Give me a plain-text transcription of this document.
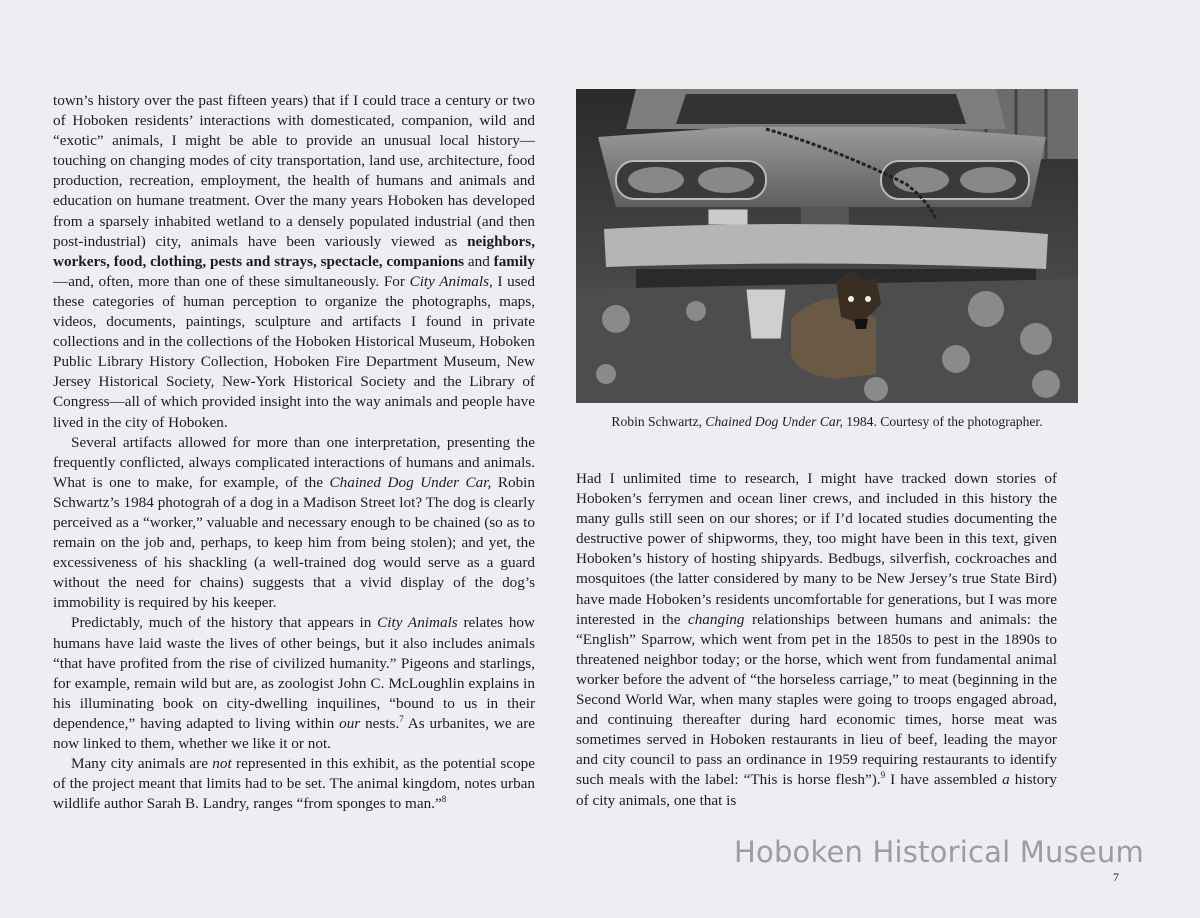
town’s history over the past fifteen years) that if I could trace a century or two of Hoboken residents’ interactions with domesticated, companion, wild and “exotic” animals, I might be able to provide an unusual local history—touching on changing modes of city transportation, land use, architecture, food production, recreation, employment, the health of humans and animals and education on humane treatment. Over the many years Hoboken has developed from a sparsely inhabited wetland to a densely populated industrial (and then post-industrial) city, animals have been variously viewed as neighbors, workers, food, clothing, pests and strays, spectacle, companions and family—and, often, more than one of these simultaneously. For City Animals, I used these categories of human perception to organize the photographs, maps, videos, documents, paintings, sculpture and artifacts I found in private collections and in the collections of the Hoboken Historical Museum, Hoboken Public Library History Collection, Hoboken Fire Department Museum, New Jersey Historical Society, New-York Historical Society and the Library of Congress—all of which provided insight into the way animals and people have lived in the city of Hoboken.

Several artifacts allowed for more than one interpretation, presenting the frequently conflicted, always complicated interactions of humans and animals. What is one to make, for example, of the Chained Dog Under Car, Robin Schwartz’s 1984 photograh of a dog in a Madison Street lot? The dog is clearly perceived as a “worker,” valuable and necessary enough to be chained (so as to remain on the job and, perhaps, to keep him from being stolen); and yet, the excessiveness of his shackling (a well-trained dog would serve as a guard without the need for chains) suggests that a vivid display of the dog’s immobility is required by his keeper.

Predictably, much of the history that appears in City Animals relates how humans have laid waste the lives of other beings, but it also includes animals “that have profited from the rise of civilized humanity.” Pigeons and starlings, for example, remain wild but are, as zoologist John C. McLoughlin explains in his illuminating book on city-dwelling inquilines, “bound to us in their dependence,” having adapted to living within our nests.$^7$ As urbanites, we are now linked to them, whether we like it or not.

Many city animals are not represented in this exhibit, as the potential scope of the project meant that limits had to be set. The animal kingdom, notes urban wildlife author Sarah B. Landry, ranges “from sponges to man.”$^8$

Robin Schwartz, Chained Dog Under Car, 1984. Courtesy of the photographer.

Had I unlimited time to research, I might have tracked down stories of Hoboken’s ferrymen and ocean liner crews, and included in this history the many gulls still seen on our shores; or if I’d located studies documenting the destructive power of shipworms, they, too might have been in this text, given Hoboken’s history of hosting shipyards. Bedbugs, silverfish, cockroaches and mosquitoes (the latter considered by many to be New Jersey’s true State Bird) have made Hoboken’s residents uncomfortable for generations, but I was more interested in the changing relationships between humans and animals: the “English” Sparrow, which went from pet in the 1850s to pest in the 1890s to threatened neighbor today; or the horse, which went from fundamental animal worker before the advent of “the horseless carriage,” to meat (beginning in the Second World War, when many staples were going to troops engaged abroad, and continuing thereafter during hard economic times, horse meat was sometimes served in Hoboken restaurants in lieu of beef, leading the mayor and city council to pass an ordinance in 1959 requiring restaurants to identify such meals with the label: “This is horse flesh”).$^9$ I have assembled a history of city animals, one that is

Hoboken Historical Museum
7
